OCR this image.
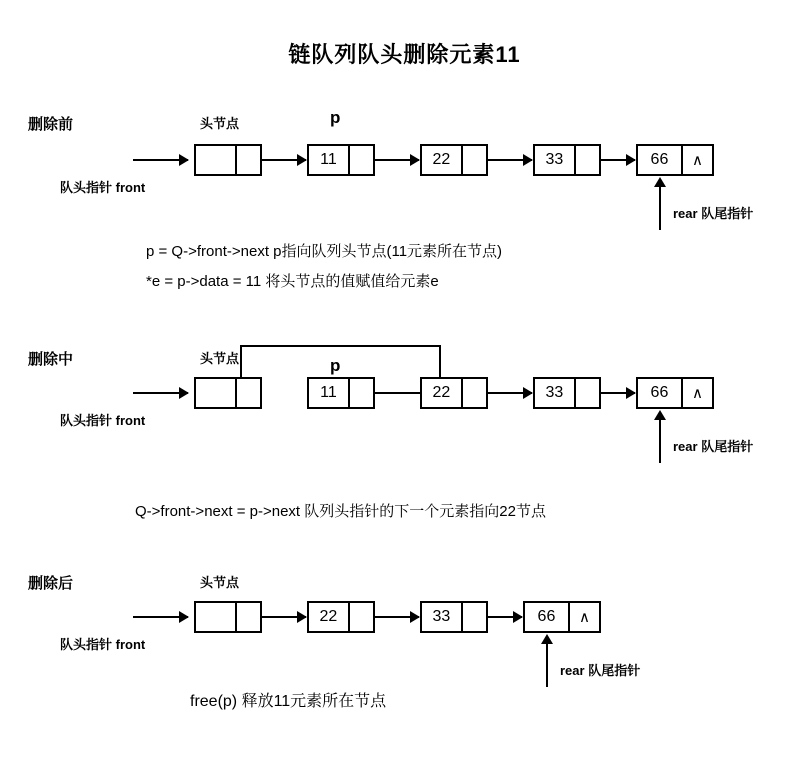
链队列队头删除元素11
删除前	头节点	p
队头指针 front
11	22	33	66	∧
rear 队尾指针
p = Q->front->next p指向队列头节点(11元素所在节点)
*e = p->data = 11 将头节点的值赋值给元素e
删除中	头节点	p
队头指针 front
11	22	33	66	∧
rear 队尾指针
Q->front->next = p->next 队列头指针的下一个元素指向22节点
删除后	头节点
队头指针 front
22	33	66	∧
rear 队尾指针
free(p) 释放11元素所在节点
